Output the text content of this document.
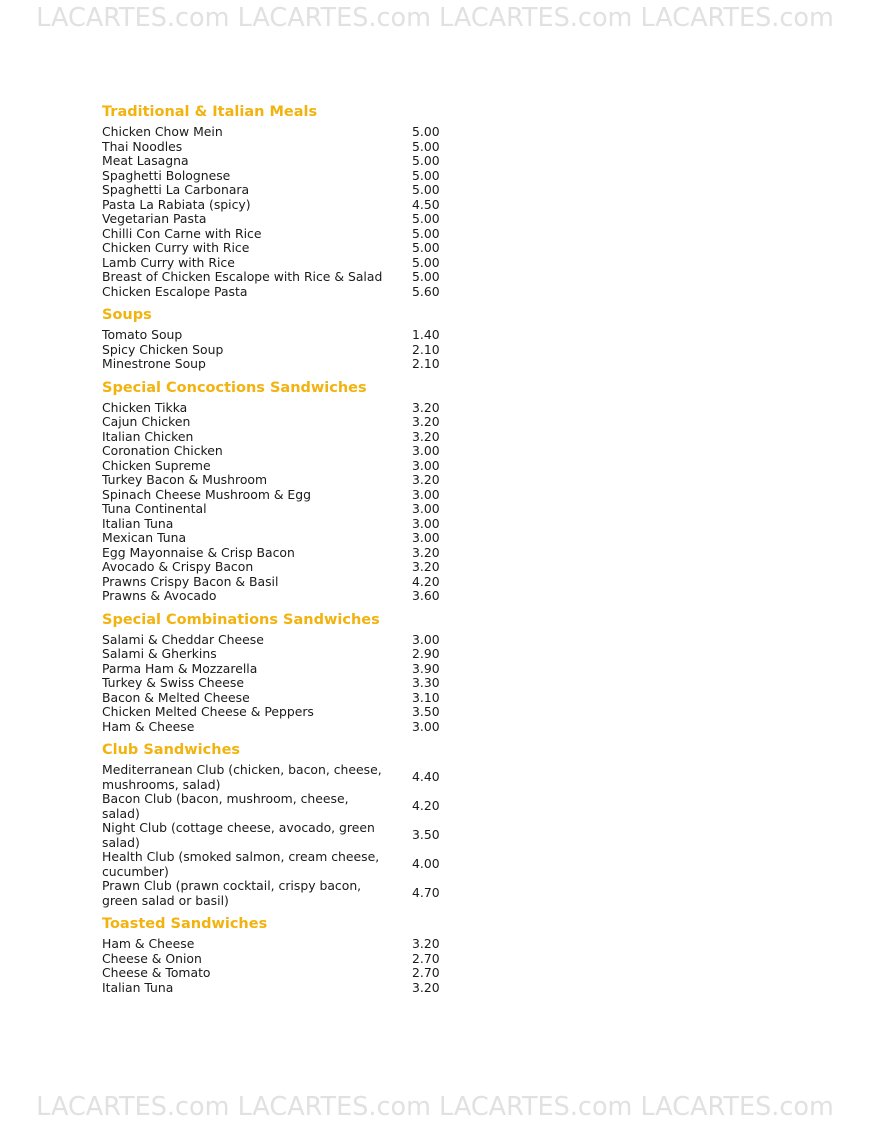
LACARTES.com LACARTES.com LACARTES.com LACARTES.com
Traditional & Italian Meals
Chicken Chow Mein	5.00
Thai Noodles	5.00
Meat Lasagna	5.00
Spaghetti Bolognese	5.00
Spaghetti La Carbonara	5.00
Pasta La Rabiata (spicy)	4.50
Vegetarian Pasta	5.00
Chilli Con Carne with Rice	5.00
Chicken Curry with Rice	5.00
Lamb Curry with Rice	5.00
Breast of Chicken Escalope with Rice & Salad	5.00
Chicken Escalope Pasta	5.60
Soups
Tomato Soup	1.40
Spicy Chicken Soup	2.10
Minestrone Soup	2.10
Special Concoctions Sandwiches
Chicken Tikka	3.20
Cajun Chicken	3.20
Italian Chicken	3.20
Coronation Chicken	3.00
Chicken Supreme	3.00
Turkey Bacon & Mushroom	3.20
Spinach Cheese Mushroom & Egg	3.00
Tuna Continental	3.00
Italian Tuna	3.00
Mexican Tuna	3.00
Egg Mayonnaise & Crisp Bacon	3.20
Avocado & Crispy Bacon	3.20
Prawns Crispy Bacon & Basil	4.20
Prawns & Avocado	3.60
Special Combinations Sandwiches
Salami & Cheddar Cheese	3.00
Salami & Gherkins	2.90
Parma Ham & Mozzarella	3.90
Turkey & Swiss Cheese	3.30
Bacon & Melted Cheese	3.10
Chicken Melted Cheese & Peppers	3.50
Ham & Cheese	3.00
Club Sandwiches
Mediterranean Club (chicken, bacon, cheese, mushrooms, salad)	4.40
Bacon Club (bacon, mushroom, cheese, salad)	4.20
Night Club (cottage cheese, avocado, green salad)	3.50
Health Club (smoked salmon, cream cheese, cucumber)	4.00
Prawn Club (prawn cocktail, crispy bacon, green salad or basil)	4.70
Toasted Sandwiches
Ham & Cheese	3.20
Cheese & Onion	2.70
Cheese & Tomato	2.70
Italian Tuna	3.20
LACARTES.com LACARTES.com LACARTES.com LACARTES.com
